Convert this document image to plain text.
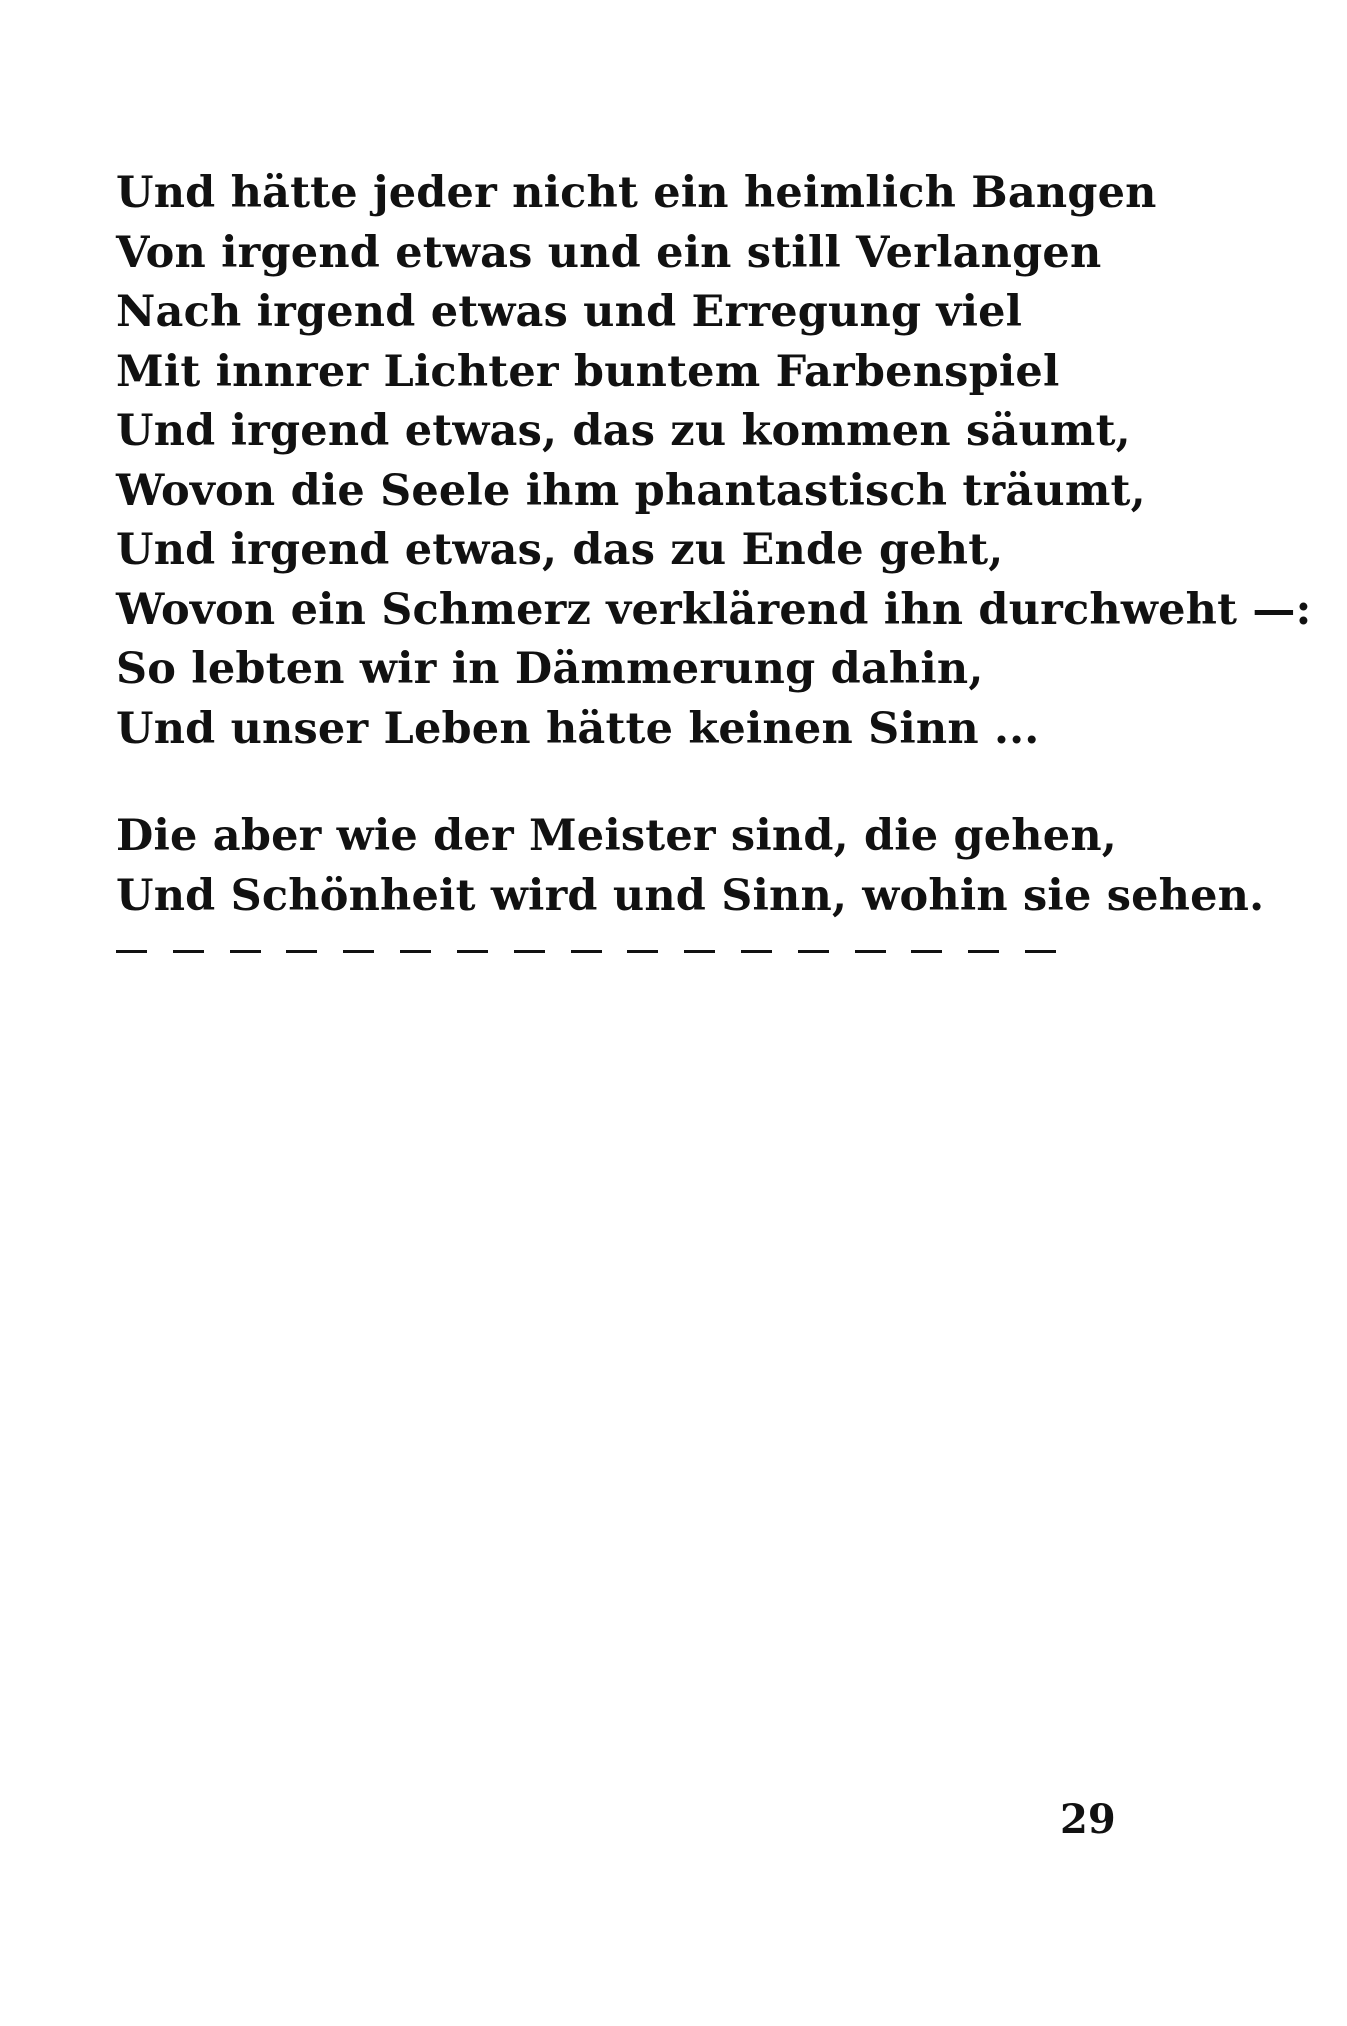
Und hätte jeder nicht ein heimlich Bangen
Von irgend etwas und ein still Verlangen
Nach irgend etwas und Erregung viel
Mit innrer Lichter buntem Farbenspiel
Und irgend etwas, das zu kommen säumt,
Wovon die Seele ihm phantastisch träumt,
Und irgend etwas, das zu Ende geht,
Wovon ein Schmerz verklärend ihn durchweht —:
So lebten wir in Dämmerung dahin,
Und unser Leben hätte keinen Sinn ...
Die aber wie der Meister sind, die gehen,
Und Schönheit wird und Sinn, wohin sie sehen.
29
